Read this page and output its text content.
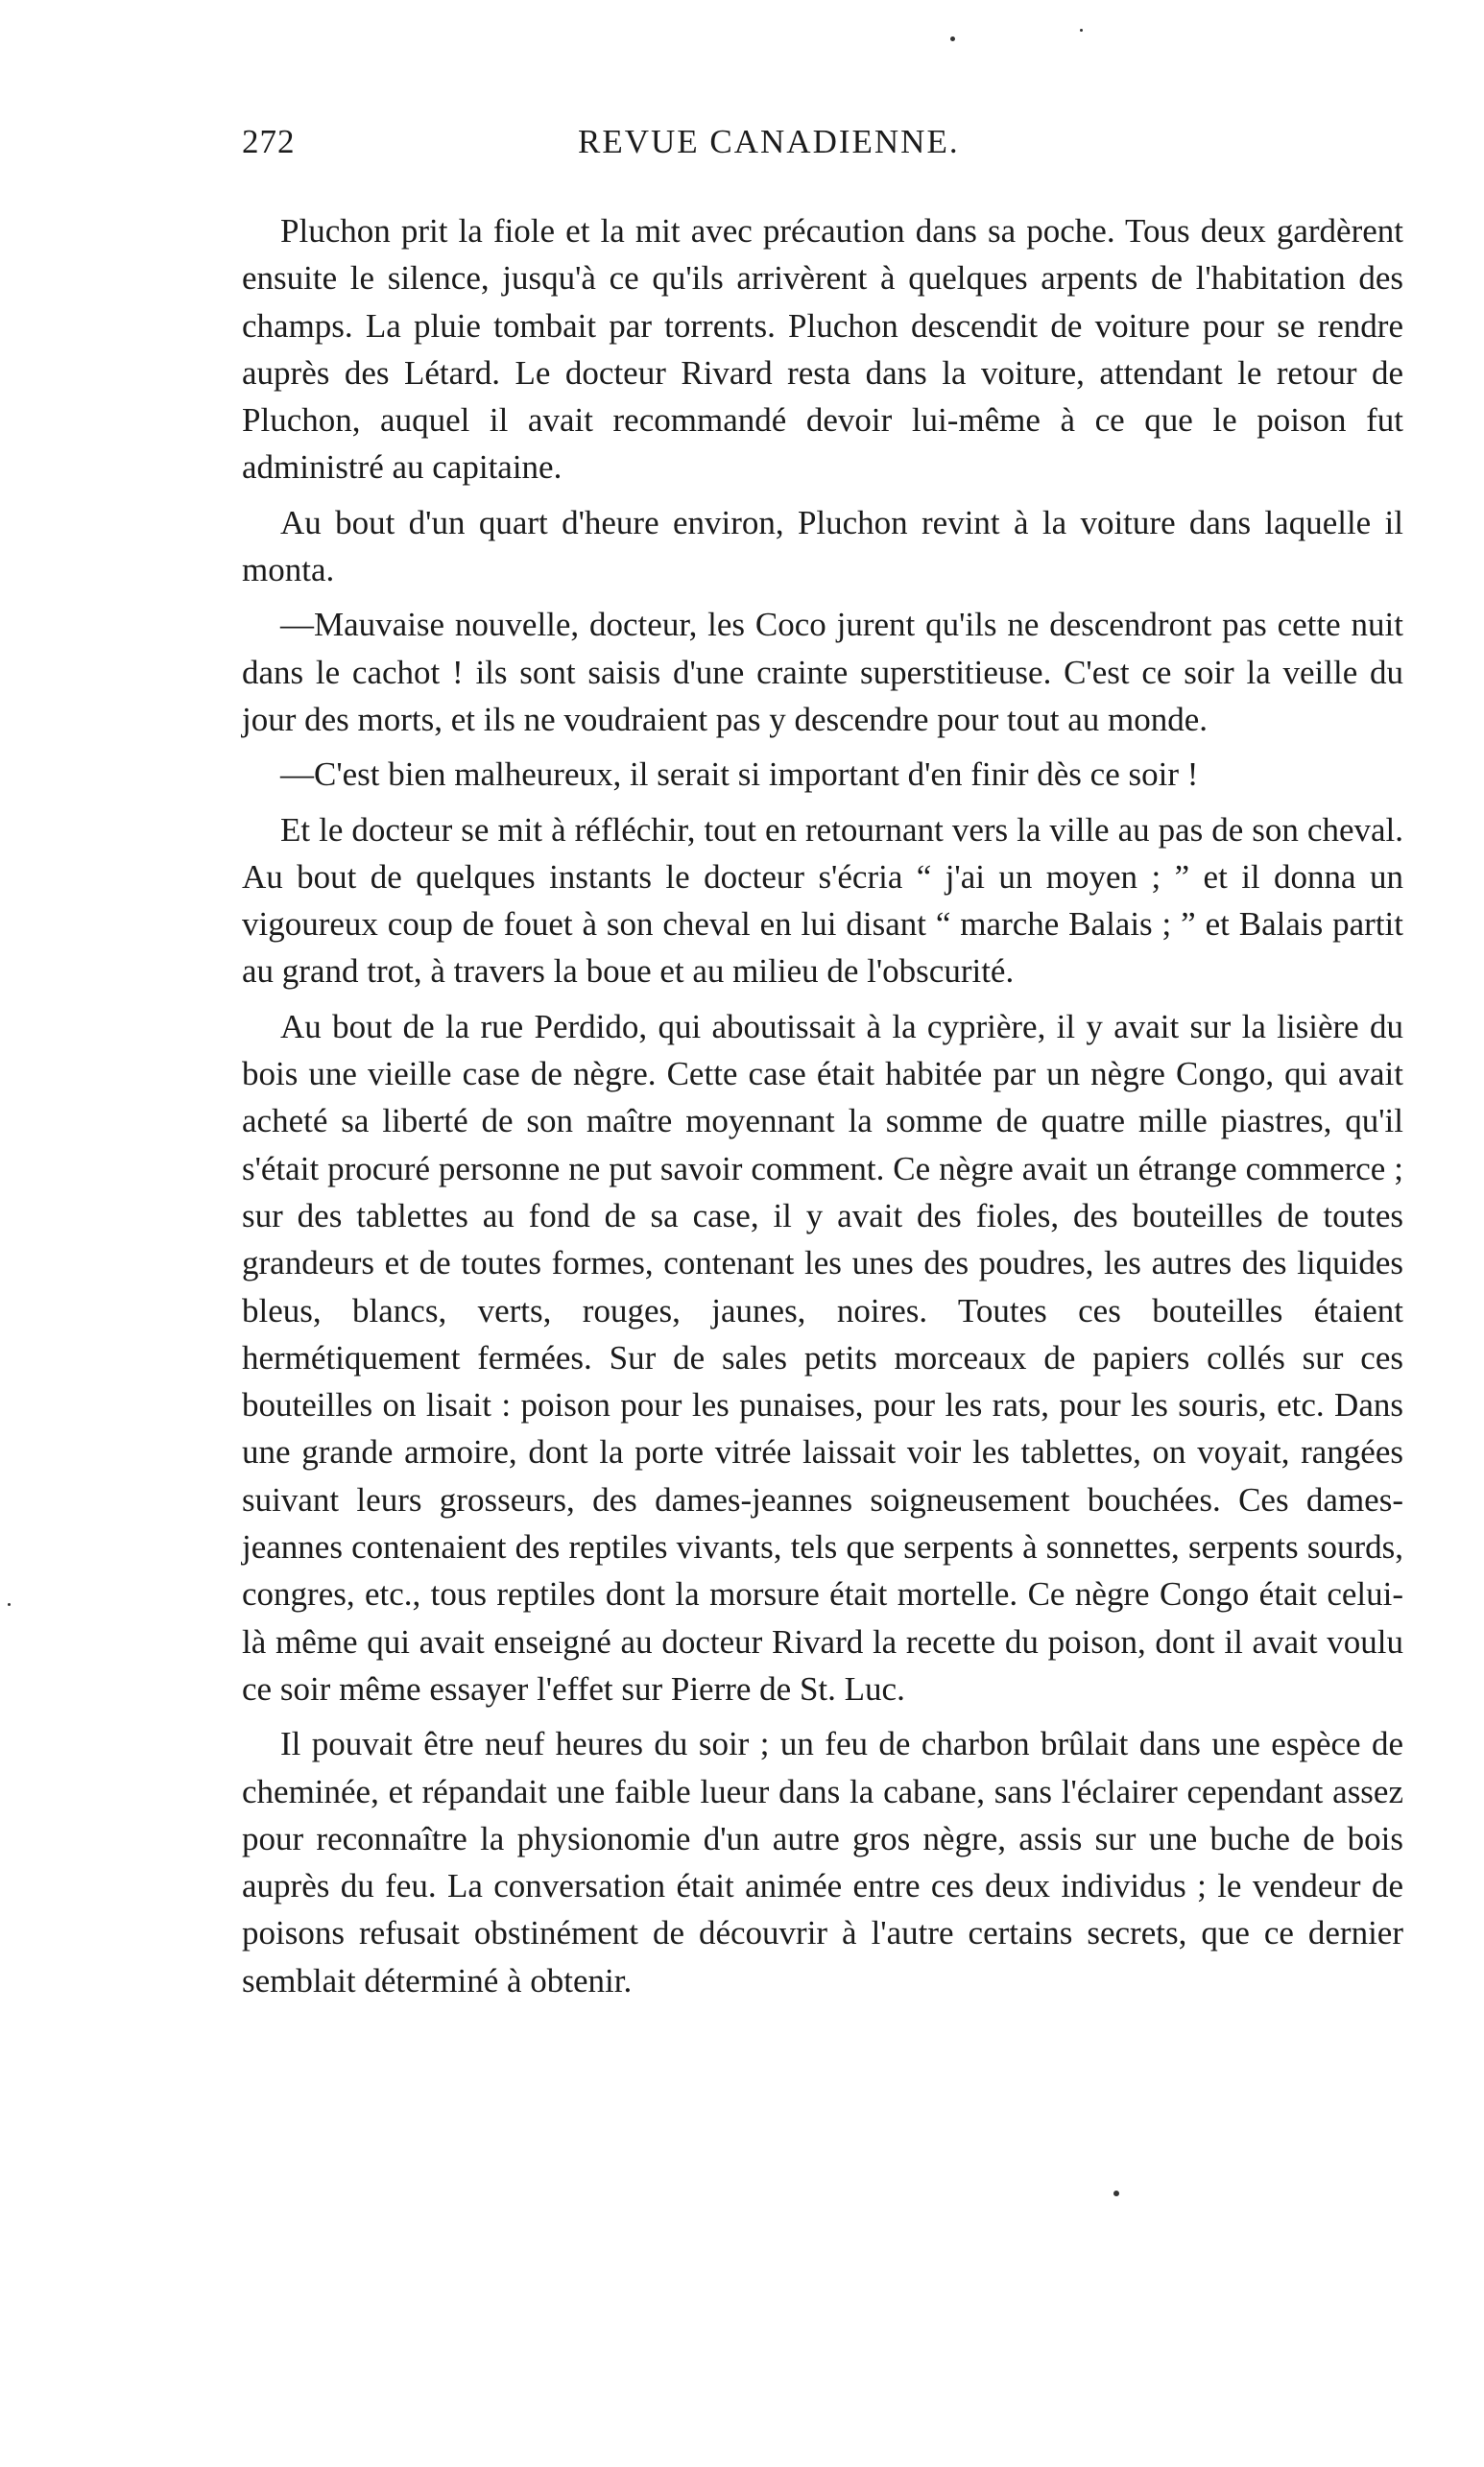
272	REVUE CANADIENNE.

Pluchon prit la fiole et la mit avec précaution dans sa poche. Tous deux gardèrent ensuite le silence, jusqu'à ce qu'ils arrivèrent à quelques arpents de l'habitation des champs. La pluie tombait par torrents. Pluchon descendit de voiture pour se rendre auprès des Létard. Le docteur Rivard resta dans la voiture, attendant le retour de Pluchon, auquel il avait recommandé devoir lui-même à ce que le poison fut administré au capitaine.

Au bout d'un quart d'heure environ, Pluchon revint à la voiture dans laquelle il monta.

—Mauvaise nouvelle, docteur, les Coco jurent qu'ils ne descendront pas cette nuit dans le cachot ! ils sont saisis d'une crainte superstitieuse. C'est ce soir la veille du jour des morts, et ils ne voudraient pas y descendre pour tout au monde.

—C'est bien malheureux, il serait si important d'en finir dès ce soir !

Et le docteur se mit à réfléchir, tout en retournant vers la ville au pas de son cheval. Au bout de quelques instants le docteur s'écria “ j'ai un moyen ; ” et il donna un vigoureux coup de fouet à son cheval en lui disant “ marche Balais ; ” et Balais partit au grand trot, à travers la boue et au milieu de l'obscurité.

Au bout de la rue Perdido, qui aboutissait à la cyprière, il y avait sur la lisière du bois une vieille case de nègre. Cette case était habitée par un nègre Congo, qui avait acheté sa liberté de son maître moyennant la somme de quatre mille piastres, qu'il s'était procuré personne ne put savoir comment. Ce nègre avait un étrange commerce ; sur des tablettes au fond de sa case, il y avait des fioles, des bouteilles de toutes grandeurs et de toutes formes, contenant les unes des poudres, les autres des liquides bleus, blancs, verts, rouges, jaunes, noires. Toutes ces bouteilles étaient hermétiquement fermées. Sur de sales petits morceaux de papiers collés sur ces bouteilles on lisait : poison pour les punaises, pour les rats, pour les souris, etc. Dans une grande armoire, dont la porte vitrée laissait voir les tablettes, on voyait, rangées suivant leurs grosseurs, des dames-jeannes soigneusement bouchées. Ces dames-jeannes contenaient des reptiles vivants, tels que serpents à sonnettes, serpents sourds, congres, etc., tous reptiles dont la morsure était mortelle. Ce nègre Congo était celui-là même qui avait enseigné au docteur Rivard la recette du poison, dont il avait voulu ce soir même essayer l'effet sur Pierre de St. Luc.

Il pouvait être neuf heures du soir ; un feu de charbon brûlait dans une espèce de cheminée, et répandait une faible lueur dans la cabane, sans l'éclairer cependant assez pour reconnaître la physionomie d'un autre gros nègre, assis sur une buche de bois auprès du feu. La conversation était animée entre ces deux individus ; le vendeur de poisons refusait obstinément de découvrir à l'autre certains secrets, que ce dernier semblait déterminé à obtenir.
